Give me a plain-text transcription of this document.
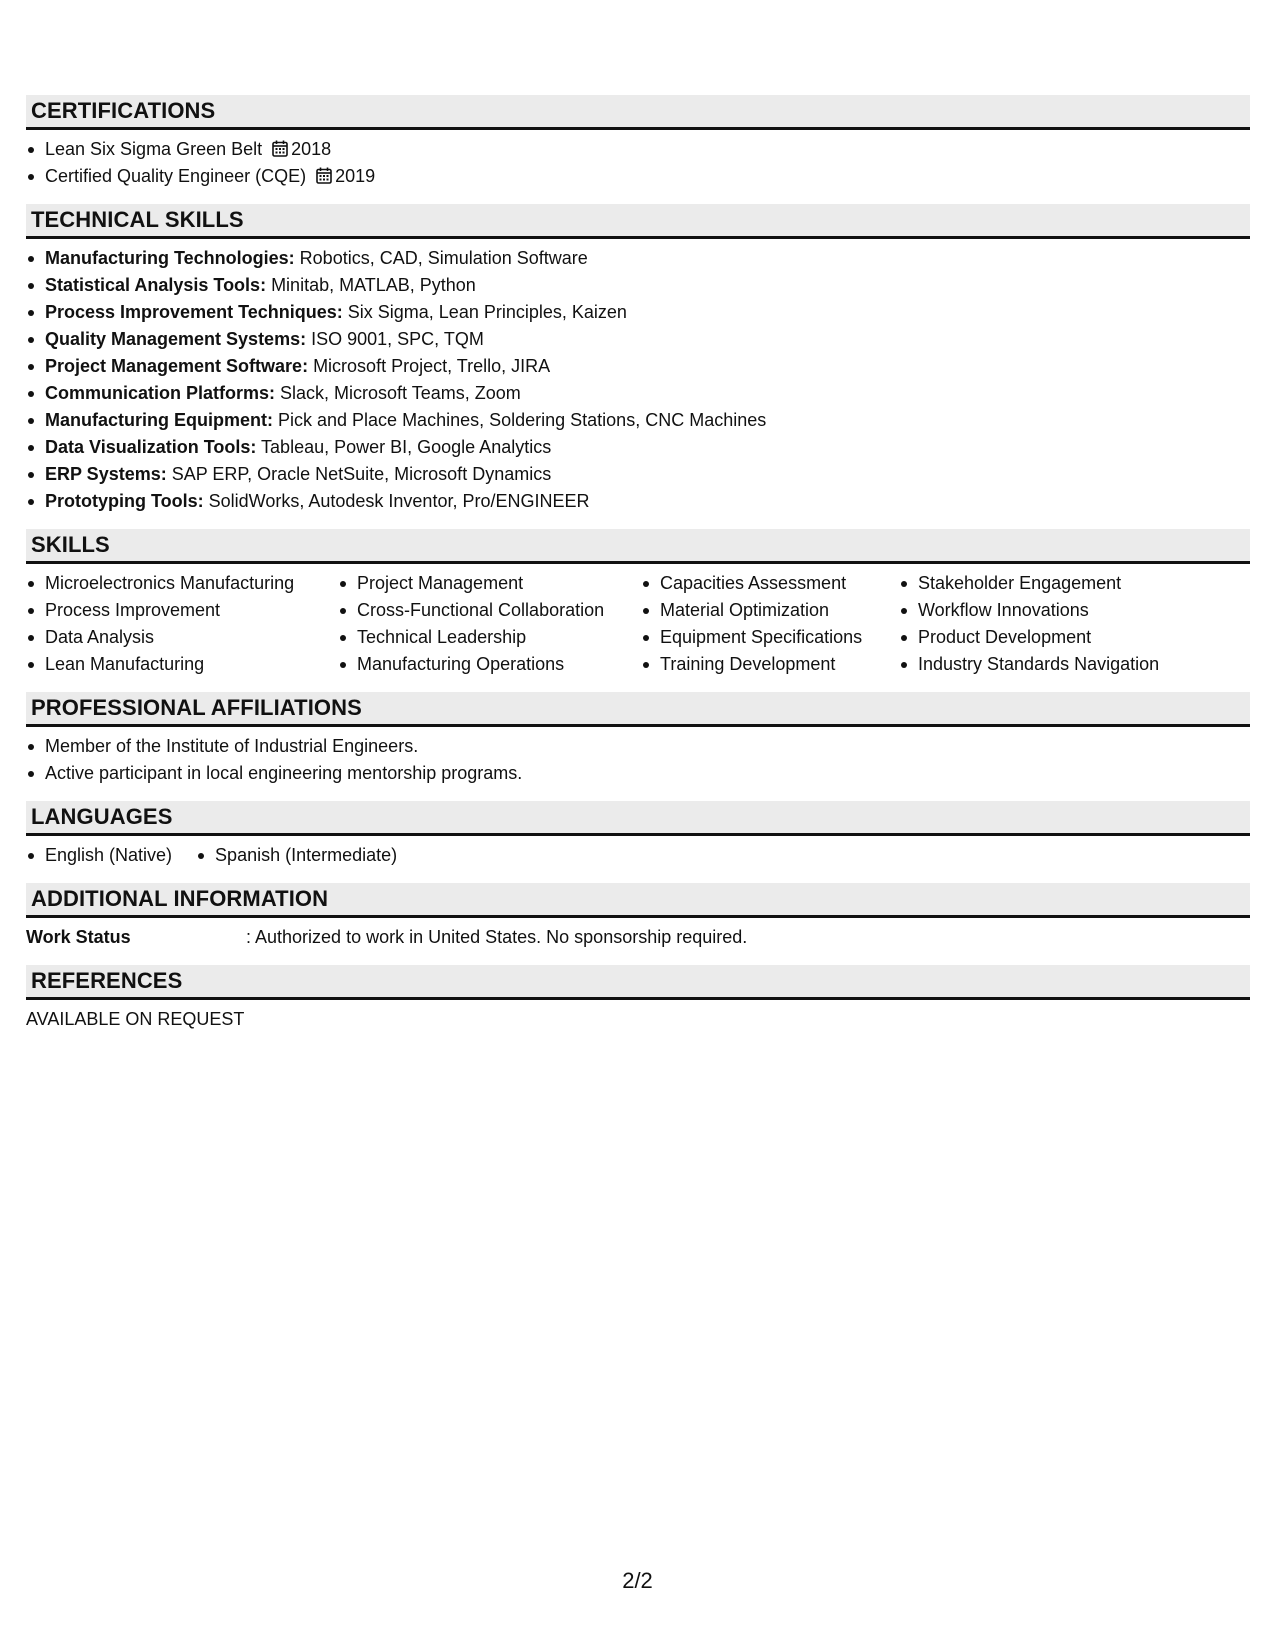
CERTIFICATIONS
Lean Six Sigma Green Belt 2018
Certified Quality Engineer (CQE) 2019
TECHNICAL SKILLS
Manufacturing Technologies: Robotics, CAD, Simulation Software
Statistical Analysis Tools: Minitab, MATLAB, Python
Process Improvement Techniques: Six Sigma, Lean Principles, Kaizen
Quality Management Systems: ISO 9001, SPC, TQM
Project Management Software: Microsoft Project, Trello, JIRA
Communication Platforms: Slack, Microsoft Teams, Zoom
Manufacturing Equipment: Pick and Place Machines, Soldering Stations, CNC Machines
Data Visualization Tools: Tableau, Power BI, Google Analytics
ERP Systems: SAP ERP, Oracle NetSuite, Microsoft Dynamics
Prototyping Tools: SolidWorks, Autodesk Inventor, Pro/ENGINEER
SKILLS
Microelectronics Manufacturing
Process Improvement
Data Analysis
Lean Manufacturing
Project Management
Cross-Functional Collaboration
Technical Leadership
Manufacturing Operations
Capacities Assessment
Material Optimization
Equipment Specifications
Training Development
Stakeholder Engagement
Workflow Innovations
Product Development
Industry Standards Navigation
PROFESSIONAL AFFILIATIONS
Member of the Institute of Industrial Engineers.
Active participant in local engineering mentorship programs.
LANGUAGES
English (Native)	Spanish (Intermediate)
ADDITIONAL INFORMATION
Work Status	: Authorized to work in United States. No sponsorship required.
REFERENCES
AVAILABLE ON REQUEST
2/2
